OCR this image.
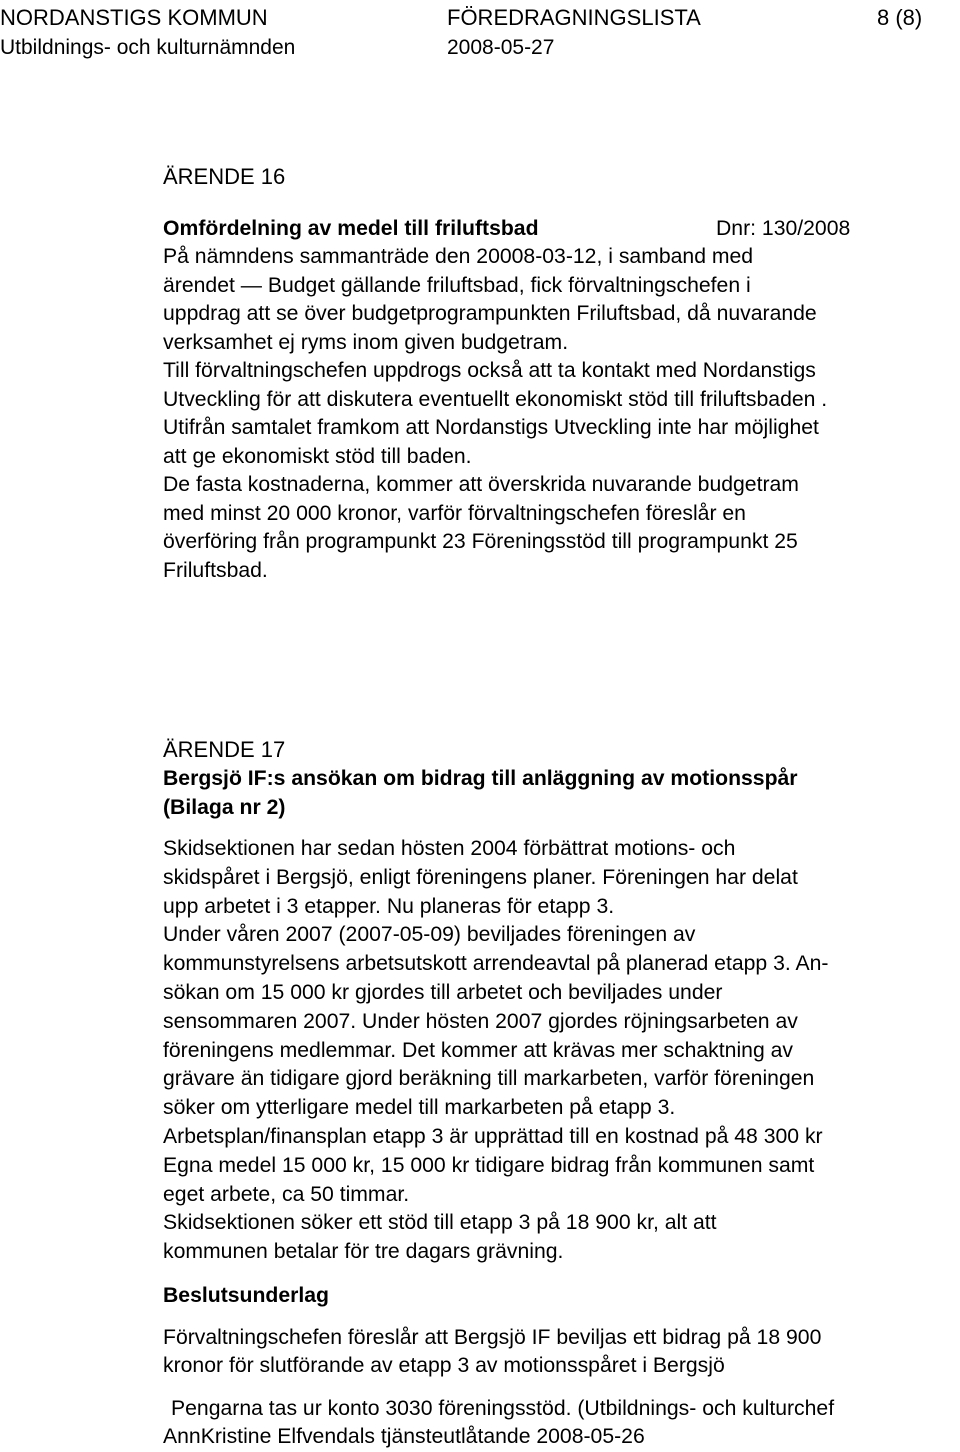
NORDANSTIGS KOMMUN	FÖREDRAGNINGSLISTA	8 (8)
Utbildnings- och kulturnämnden	2008-05-27
ÄRENDE 16
Omfördelning av medel till friluftsbad	Dnr: 130/2008
På nämndens sammanträde den 20008-03-12, i samband med
ärendet — Budget gällande friluftsbad, fick förvaltningschefen i
uppdrag att se över budgetprogrampunkten Friluftsbad, då nuvarande
verksamhet ej ryms inom given budgetram.
Till förvaltningschefen uppdrogs också att ta kontakt med Nordanstigs
Utveckling för att diskutera eventuellt ekonomiskt stöd till friluftsbaden .
Utifrån samtalet framkom att Nordanstigs Utveckling inte har möjlighet
att ge ekonomiskt stöd till baden.
De fasta kostnaderna, kommer att överskrida nuvarande budgetram
med minst 20 000 kronor, varför förvaltningschefen föreslår en
överföring från programpunkt 23 Föreningsstöd till programpunkt 25
Friluftsbad.
ÄRENDE 17
Bergsjö IF:s ansökan om bidrag till anläggning av motionsspår
(Bilaga nr 2)
Skidsektionen har sedan hösten 2004 förbättrat motions- och
skidspåret i Bergsjö, enligt föreningens planer. Föreningen har delat
upp arbetet i 3 etapper. Nu planeras för etapp 3.
Under våren 2007 (2007-05-09) beviljades föreningen av
kommunstyrelsens arbetsutskott arrendeavtal på planerad etapp 3. An-
sökan om 15 000 kr gjordes till arbetet och beviljades under
sensommaren 2007. Under hösten 2007 gjordes röjningsarbeten av
föreningens medlemmar. Det kommer att krävas mer schaktning av
grävare än tidigare gjord beräkning till markarbeten, varför föreningen
söker om ytterligare medel till markarbeten på etapp 3.
Arbetsplan/finansplan etapp 3 är upprättad till en kostnad på 48 300 kr
Egna medel 15 000 kr, 15 000 kr tidigare bidrag från kommunen samt
eget arbete, ca 50 timmar.
Skidsektionen söker ett stöd till etapp 3 på 18 900 kr, alt att
kommunen betalar för tre dagars grävning.
Beslutsunderlag
Förvaltningschefen föreslår att Bergsjö IF beviljas ett bidrag på 18 900
kronor för slutförande av etapp 3 av motionsspåret i Bergsjö
Pengarna tas ur konto 3030 föreningsstöd. (Utbildnings- och kulturchef
AnnKristine Elfvendals tjänsteutlåtande 2008-05-26
